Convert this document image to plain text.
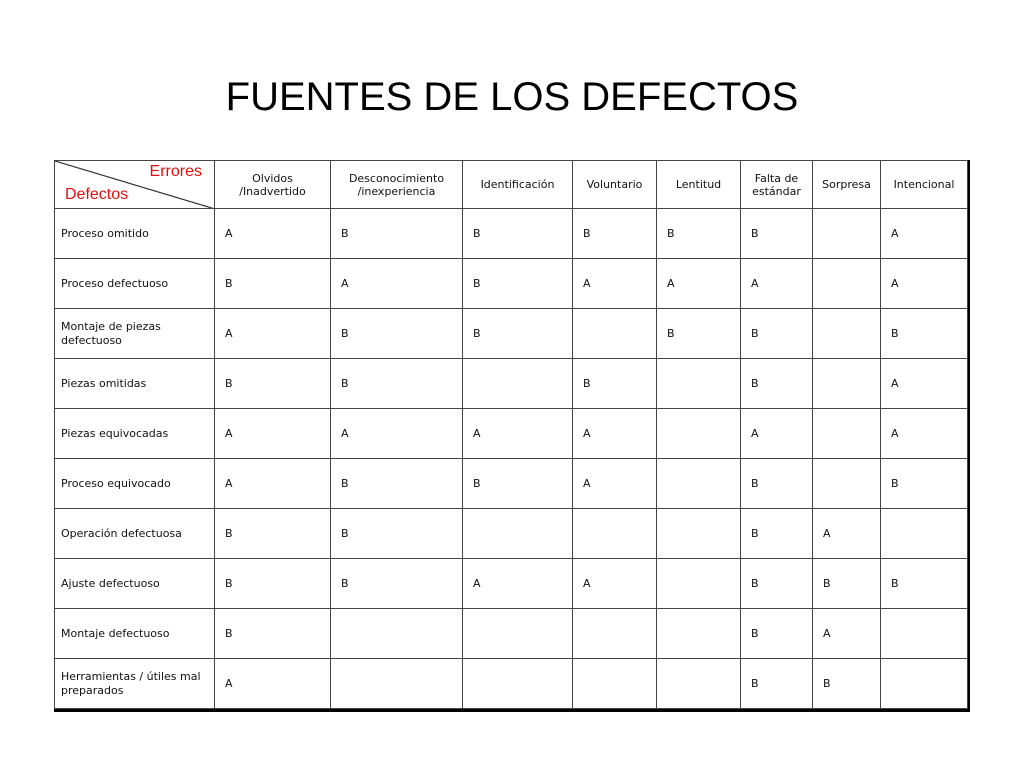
FUENTES DE LOS DEFECTOS
Errores
Defectos	Olvidos /Inadvertido	Desconocimiento /inexperiencia	Identificación	Voluntario	Lentitud	Falta de estándar	Sorpresa	Intencional
Proceso omitido	A	B	B	B	B	B		A
Proceso defectuoso	B	A	B	A	A	A		A
Montaje de piezas defectuoso	A	B	B		B	B		B
Piezas omitidas	B	B		B		B		A
Piezas equivocadas	A	A	A	A		A		A
Proceso equivocado	A	B	B	A		B		B
Operación defectuosa	B	B				B	A	
Ajuste defectuoso	B	B	A	A		B	B	B
Montaje defectuoso	B					B	A	
Herramientas / útiles mal preparados	A					B	B	
